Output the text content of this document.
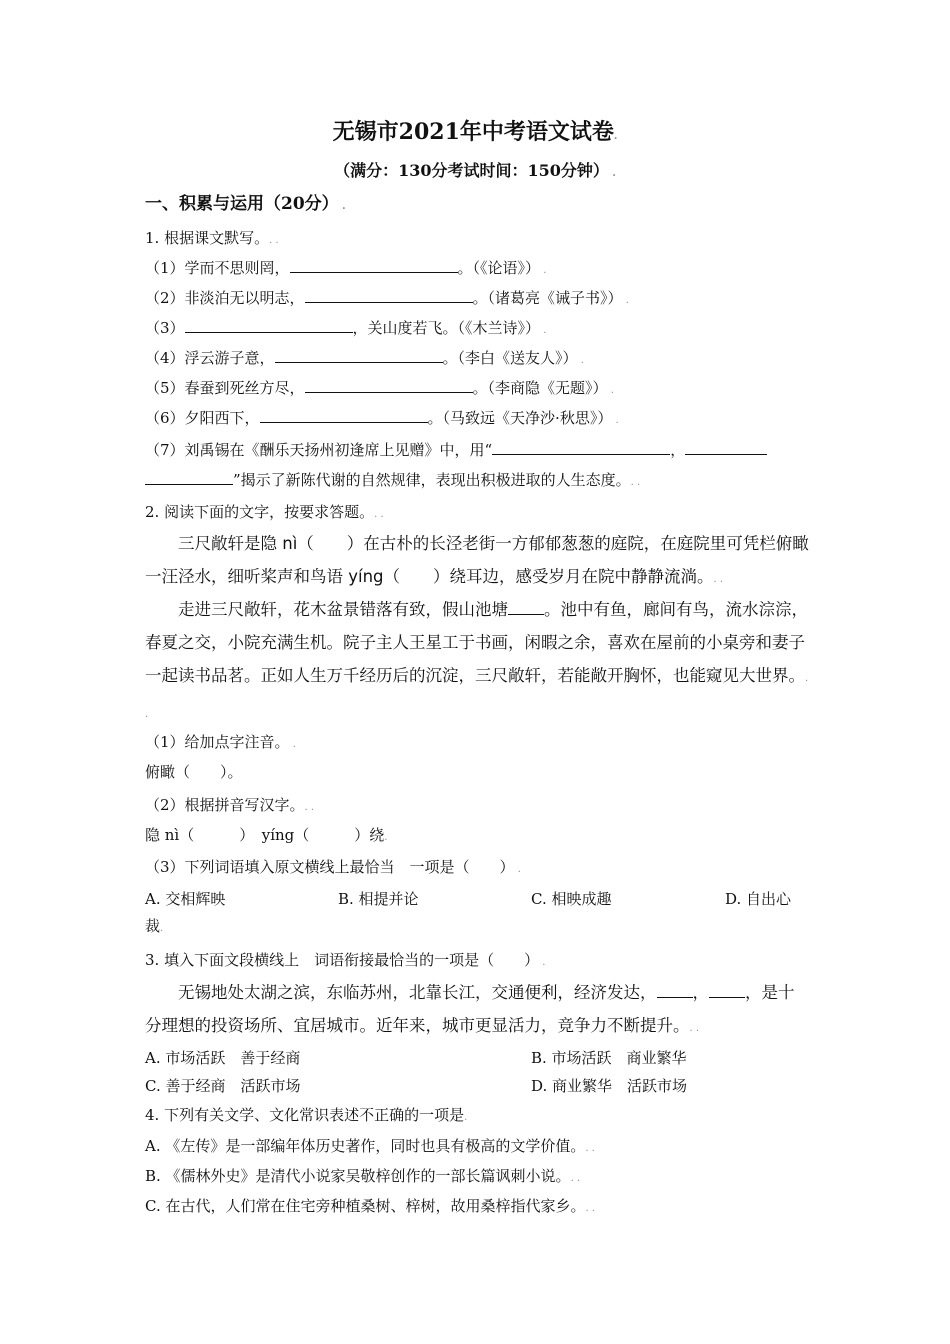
无锡市2021年中考语文试卷.
（满分：130分考试时间：150分钟） .
一、积累与运用（20分） .
1. 根据课文默写。. .
（1）学而不思则罔，	。（《论语》） .
（2）非淡泊无以明志，	。（诸葛亮《诫子书》） .
（3）	，关山度若飞。（《木兰诗》） .
（4）浮云游子意，	。（李白《送友人》） .
（5）春蚕到死丝方尽，	。（李商隐《无题》） .
（6）夕阳西下，	。（马致远《天净沙·秋思》） .
（7）刘禹锡在《酬乐天扬州初逢席上见赠》中，用“	，
”揭示了新陈代谢的自然规律，表现出积极进取的人生态度。. .
2. 阅读下面的文字，按要求答题。. .
三尺敞轩是隐 nì（　　）在古朴的长泾老街一方郁郁葱葱的庭院，在庭院里可凭栏俯瞰一汪泾水，细听桨声和鸟语 yíng（　　）绕耳边，感受岁月在院中静静流淌。. .
走进三尺敞轩，花木盆景错落有致，假山池塘 。池中有鱼，廊间有鸟，流水淙淙，春夏之交，小院充满生机。院子主人王星工于书画，闲暇之余，喜欢在屋前的小桌旁和妻子一起读书品茗。正如人生万千经历后的沉淀，三尺敞轩，若能敞开胸怀，也能窥见大世界。. .
（1）给加点字注音。 .
俯瞰（　　）。
（2）根据拼音写汉字。. .
隐 nì（　　　）　yíng（　　　）绕.
（3）下列词语填入原文横线上最恰当　一项是（　　） .
A. 交相辉映	B. 相提并论	C. 相映成趣	D. 自出心
裁.
3. 填入下面文段横线上　词语衔接最恰当的一项是（　　） .
无锡地处太湖之滨，东临苏州，北靠长江，交通便利，经济发达， ， ，是十分理想的投资场所、宜居城市。近年来，城市更显活力，竞争力不断提升。. .
A. 市场活跃　善于经商	B. 市场活跃　商业繁华
C. 善于经商　活跃市场	D. 商业繁华　活跃市场
4. 下列有关文学、文化常识表述不正确的一项是.
A. 《左传》是一部编年体历史著作，同时也具有极高的文学价值。. .
B. 《儒林外史》是清代小说家吴敬梓创作的一部长篇讽刺小说。. .
C. 在古代，人们常在住宅旁种植桑树、梓树，故用桑梓指代家乡。. .
